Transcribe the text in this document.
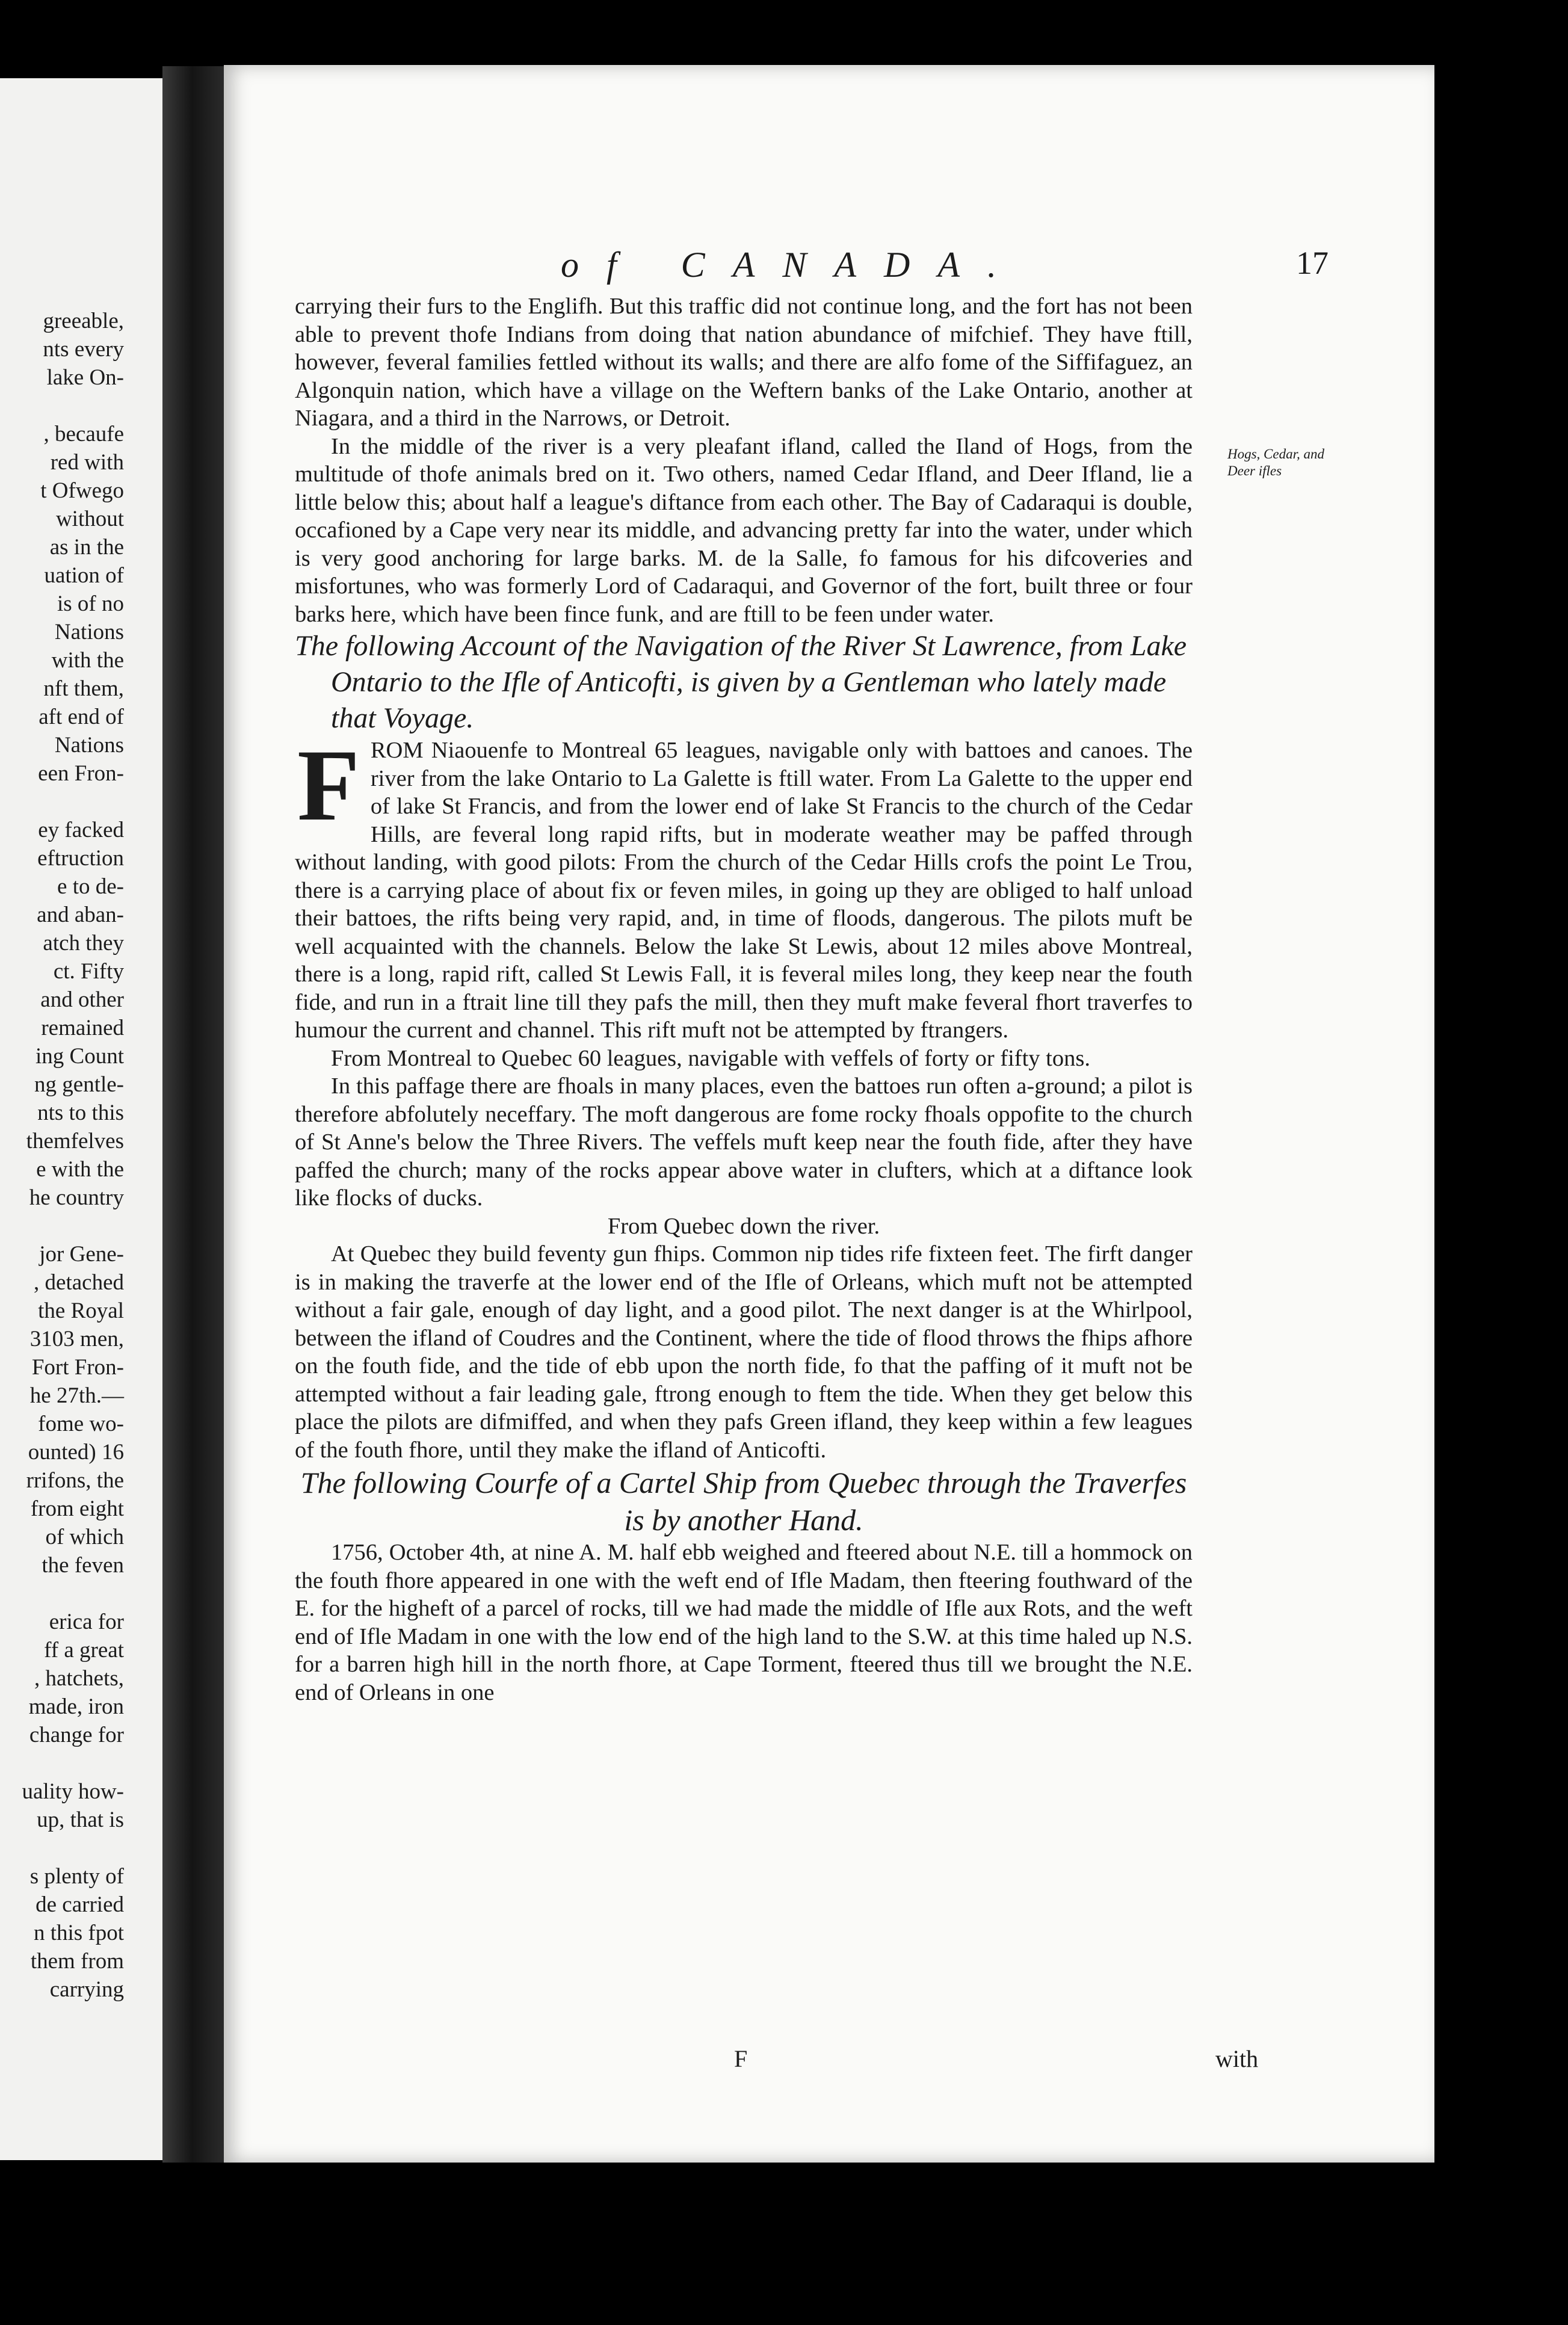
greeable,
nts every
lake On-
, becaufe
red with
t Ofwego
without
as in the
uation of
is of no
Nations
with the
nft them,
aft end of
Nations
een Fron-
ey facked
eftruction
e to de-
and aban-
atch they
ct. Fifty
and other
remained
ing Count
ng gentle-
nts to this
themfelves
e with the
he country
jor Gene-
, detached
the Royal
3103 men,
Fort Fron-
he 27th.—
fome wo-
ounted) 16
rrifons, the
from eight
of which
the feven
erica for
ff a great
, hatchets,
made, iron
change for
uality how-
up, that is
s plenty of
de carried
n this fpot
them from
carrying
of CANADA.	17
Hogs, Cedar, and Deer ifles

carrying their furs to the Englifh. But this traffic did not continue long, and the fort has not been able to prevent thofe Indians from doing that nation abundance of mifchief. They have ftill, however, feveral families fettled without its walls; and there are alfo fome of the Siffifaguez, an Algonquin nation, which have a village on the Weftern banks of the Lake Ontario, another at Niagara, and a third in the Narrows, or Detroit.

In the middle of the river is a very pleafant ifland, called the Iland of Hogs, from the multitude of thofe animals bred on it. Two others, named Cedar Ifland, and Deer Ifland, lie a little below this; about half a league's diftance from each other. The Bay of Cadaraqui is double, occafioned by a Cape very near its middle, and advancing pretty far into the water, under which is very good anchoring for large barks. M. de la Salle, fo famous for his difcoveries and misfortunes, who was formerly Lord of Cadaraqui, and Governor of the fort, built three or four barks here, which have been fince funk, and are ftill to be feen under water.

The following Account of the Navigation of the River St Lawrence, from Lake Ontario to the Ifle of Anticofti, is given by a Gentleman who lately made that Voyage.

FROM Niaouenfe to Montreal 65 leagues, navigable only with battoes and canoes. The river from the lake Ontario to La Galette is ftill water. From La Galette to the upper end of lake St Francis, and from the lower end of lake St Francis to the church of the Cedar Hills, are feveral long rapid rifts, but in moderate weather may be paffed through without landing, with good pilots: From the church of the Cedar Hills crofs the point Le Trou, there is a carrying place of about fix or feven miles, in going up they are obliged to half unload their battoes, the rifts being very rapid, and, in time of floods, dangerous. The pilots muft be well acquainted with the channels. Below the lake St Lewis, about 12 miles above Montreal, there is a long, rapid rift, called St Lewis Fall, it is feveral miles long, they keep near the fouth fide, and run in a ftrait line till they pafs the mill, then they muft make feveral fhort traverfes to humour the current and channel. This rift muft not be attempted by ftrangers.

From Montreal to Quebec 60 leagues, navigable with veffels of forty or fifty tons.

In this paffage there are fhoals in many places, even the battoes run often a-ground; a pilot is therefore abfolutely neceffary. The moft dangerous are fome rocky fhoals oppofite to the church of St Anne's below the Three Rivers. The veffels muft keep near the fouth fide, after they have paffed the church; many of the rocks appear above water in clufters, which at a diftance look like flocks of ducks.

From Quebec down the river.

At Quebec they build feventy gun fhips. Common nip tides rife fixteen feet. The firft danger is in making the traverfe at the lower end of the Ifle of Orleans, which muft not be attempted without a fair gale, enough of day light, and a good pilot. The next danger is at the Whirlpool, between the ifland of Coudres and the Continent, where the tide of flood throws the fhips afhore on the fouth fide, and the tide of ebb upon the north fide, fo that the paffing of it muft not be attempted without a fair leading gale, ftrong enough to ftem the tide. When they get below this place the pilots are difmiffed, and when they pafs Green ifland, they keep within a few leagues of the fouth fhore, until they make the ifland of Anticofti.

The following Courfe of a Cartel Ship from Quebec through the Traverfes is by another Hand.

1756, October 4th, at nine A. M. half ebb weighed and fteered about N.E. till a hommock on the fouth fhore appeared in one with the weft end of Ifle Madam, then fteering fouthward of the E. for the higheft of a parcel of rocks, till we had made the middle of Ifle aux Rots, and the weft end of Ifle Madam in one with the low end of the high land to the S.W. at this time haled up N.S. for a barren high hill in the north fhore, at Cape Torment, fteered thus till we brought the N.E. end of Orleans in one

F	with
